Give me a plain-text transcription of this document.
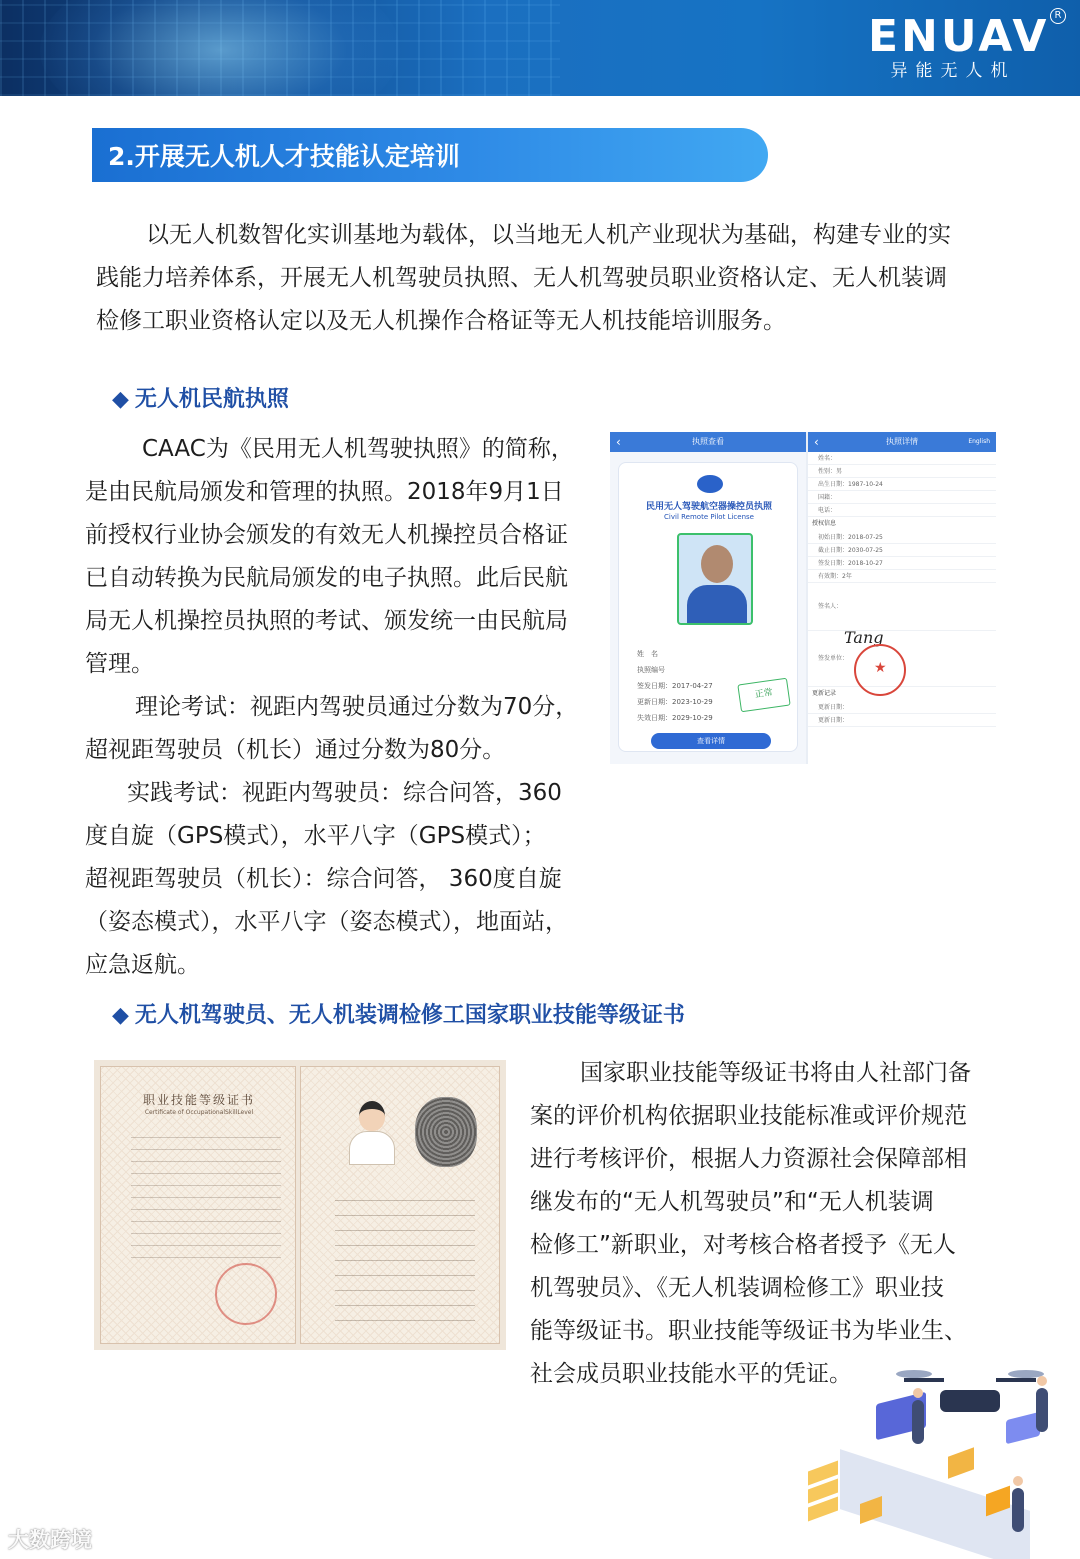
ENUAV
异能无人机
R
2.开展无人机人才技能认定培训
以无人机数智化实训基地为载体，以当地无人机产业现状为基础，构建专业的实
践能力培养体系，开展无人机驾驶员执照、无人机驾驶员职业资格认定、无人机装调
检修工职业资格认定以及无人机操作合格证等无人机技能培训服务。
◆ 无人机民航执照
CAAC为《民用无人机驾驶执照》的简称，
是由民航局颁发和管理的执照。2018年9月1日
前授权行业协会颁发的有效无人机操控员合格证
已自动转换为民航局颁发的电子执照。此后民航
局无人机操控员执照的考试、颁发统一由民航局
管理。
理论考试：视距内驾驶员通过分数为70分，
超视距驾驶员（机长）通过分数为80分。
实践考试：视距内驾驶员：综合问答，360
度自旋（GPS模式），水平八字（GPS模式）；
超视距驾驶员（机长）：综合问答， 360度自旋
（姿态模式），水平八字（姿态模式），地面站，
应急返航。
‹	执照查看
民用无人驾驶航空器操控员执照
Civil Remote Pilot License
姓　名
执照编号
签发日期：2017-04-27
更新日期：2023-10-29
失效日期：2029-10-29
正常
查看详情
‹	执照详情	English
姓名：
性别：男
出生日期：1987-10-24
国籍：
电话：
授权信息
初始日期：2018-07-25
截止日期：2030-07-25
签发日期：2018-10-27
有效期：2年
签名人：
Tang
签发单位：
★
更新记录
更新日期：
更新日期：
◆ 无人机驾驶员、无人机装调检修工国家职业技能等级证书
职业技能等级证书
Certificate of OccupationalSkillLevel
国家职业技能等级证书将由人社部门备
案的评价机构依据职业技能标准或评价规范
进行考核评价，根据人力资源社会保障部相
继发布的“无人机驾驶员”和“无人机装调
检修工”新职业，对考核合格者授予《无人
机驾驶员》、《无人机装调检修工》职业技
能等级证书。职业技能等级证书为毕业生、
社会成员职业技能水平的凭证。
大数跨境
